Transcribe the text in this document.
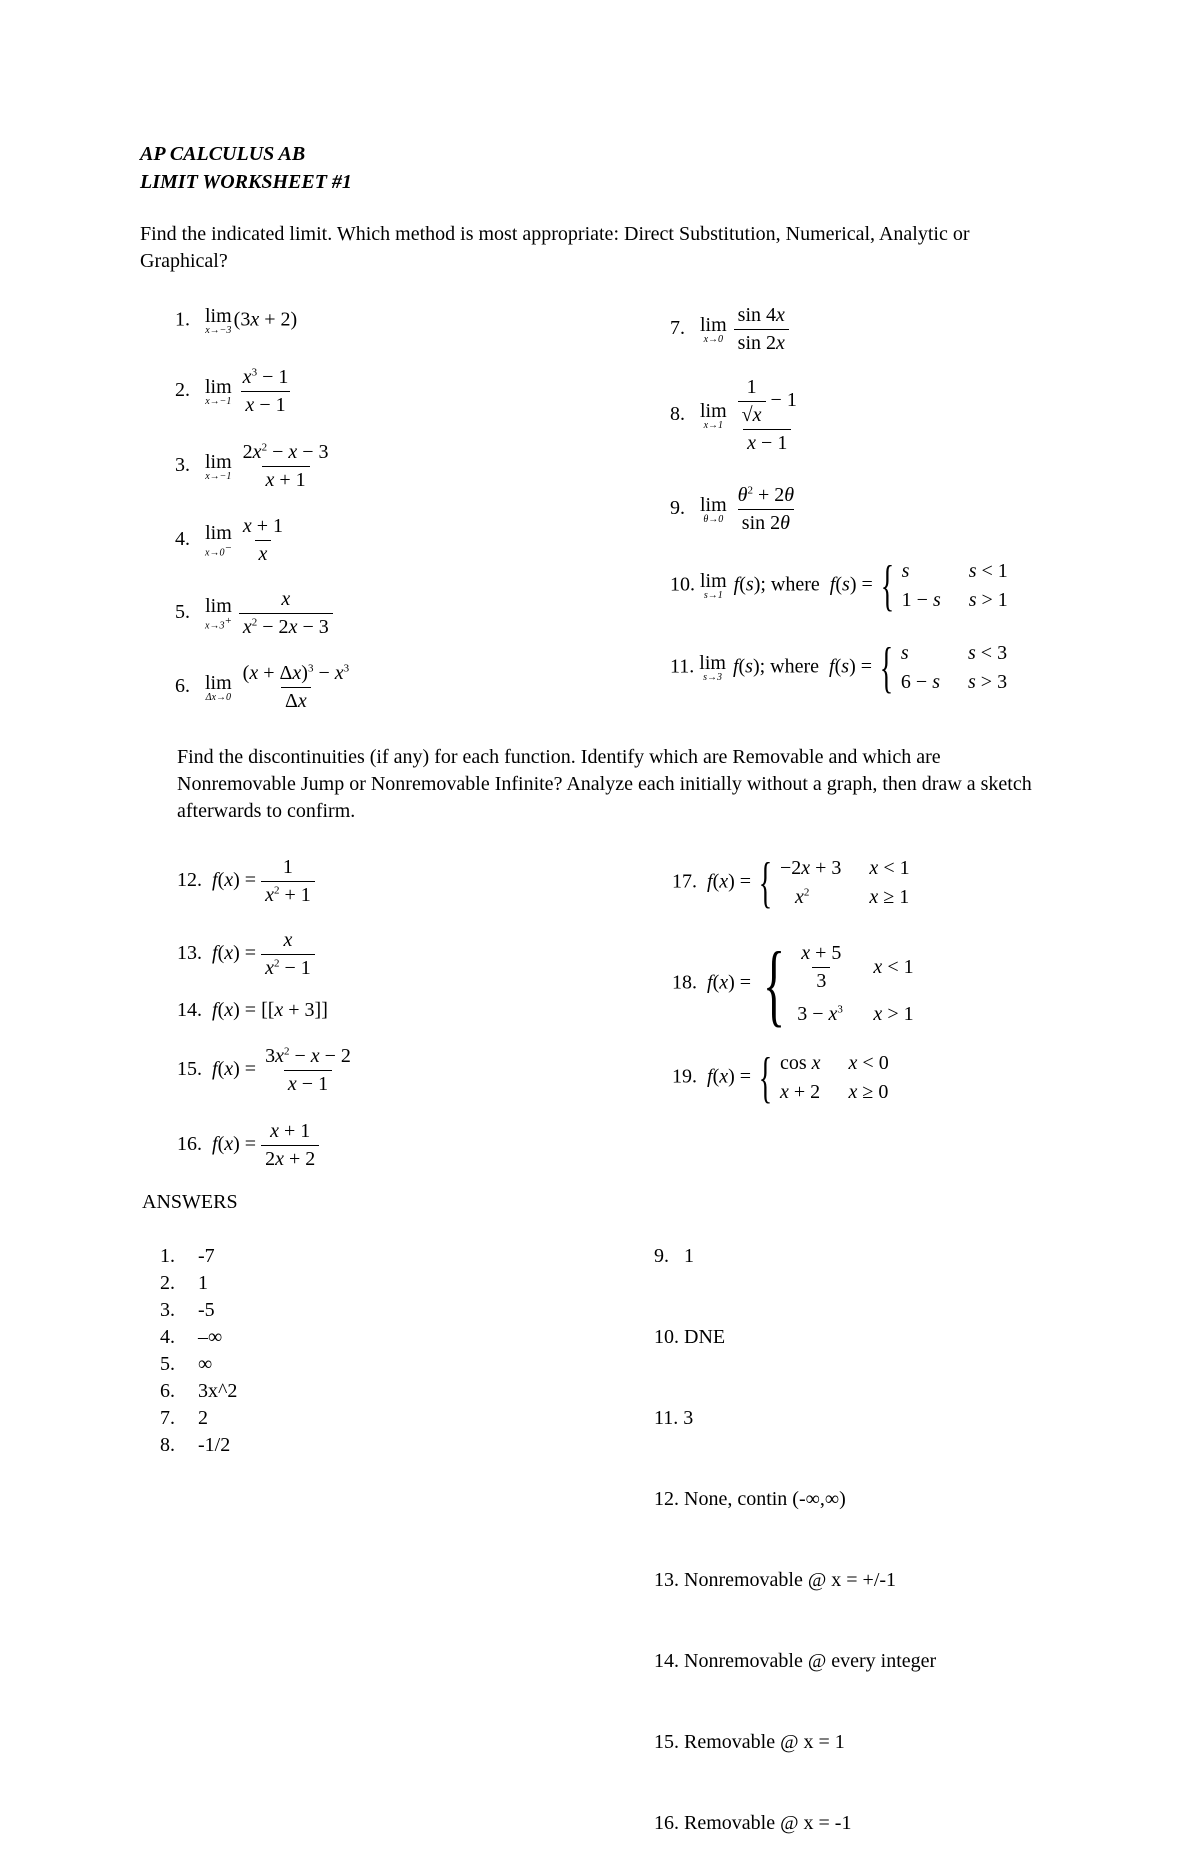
AP CALCULUS AB
LIMIT WORKSHEET #1
Find the indicated limit. Which method is most appropriate: Direct Substitution, Numerical, Analytic or Graphical?
1. lim
x→−3 (3x + 2)
2. lim
x→−1
$\frac{x^3 - 1}{x - 1}$
3. lim
x→−1
$\frac{2x^2 - x - 3}{x + 1}$
4. lim
x→0−
$\frac{x + 1}{x}$
5. lim
x→3+
$\frac{x}{x^2 - 2x - 3}$
6. lim
Δx→0
$\frac{(x + \Delta x)^3 - x^3}{\Delta x}$
7. lim
x→0
$\frac{\sin 4x}{\sin 2x}$
8. lim
x→1
$\frac{\frac{1}{√x} - 1}{x - 1}$
9. lim
θ→0
$\frac{\theta^2 + 2\theta}{\sin 2\theta}$
10. lim
s→1 f(s); where  f(s) = { s	s < 1
1 − s s > 1
11. lim
s→3 f(s); where  f(s) = { s	s < 3
6 − s s > 3
Find the discontinuities (if any) for each function. Identify which are Removable and which are Nonremovable Jump or Nonremovable Infinite? Analyze each initially without a graph, then draw a sketch afterwards to confirm.
12. $f(x) = \frac{1}{x^2 + 1}$
13. $f(x) = \frac{x}{x^2 - 1}$
14. f(x) = [[x + 3]]
15. $f(x) = \frac{3x^2 - x - 2}{x - 1}$
16. $f(x) = \frac{x + 1}{2x + 2}$
17. f(x) = { −2x + 3 x < 1
$x^2$	x ≥ 1
18. f(x) = { $\frac{x + 5}{3}$ x < 1
$3 - x^3$ x > 1
19. f(x) = { cos x x < 0
x + 2 x ≥ 0
ANSWERS
1. -7
2. 1
3. -5
4. –∞
5. ∞
6. 3x^2
7. 2
8. -1/2

9.   1

10. DNE

11. 3

12. None, contin (-∞,∞)

13. Nonremovable @ x = +/-1

14. Nonremovable @ every integer

15. Removable @ x = 1

16. Removable @ x = -1
